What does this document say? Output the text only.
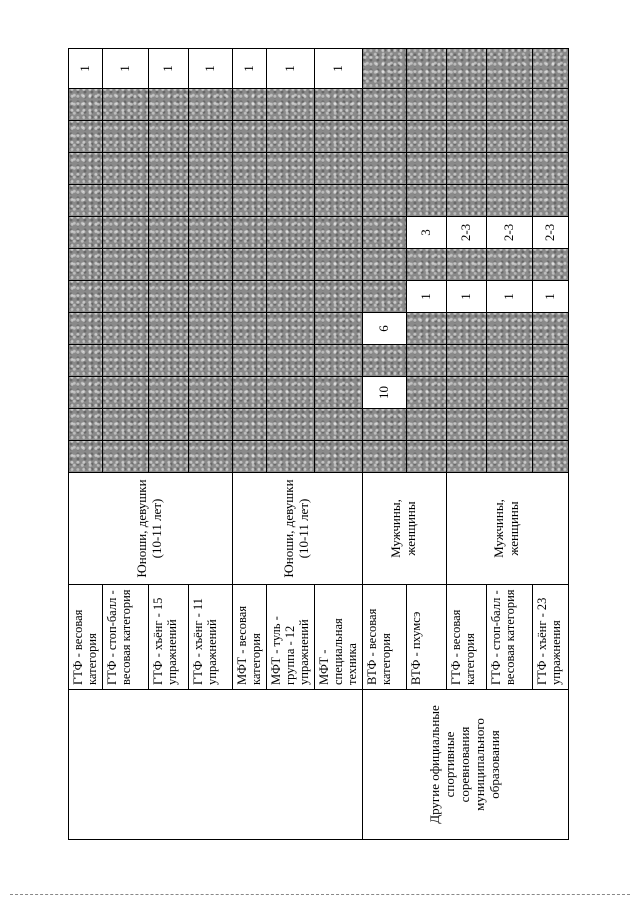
	ГТФ - весовая категория	Юноши, девушки (10-11 лет)													1
	ГТФ - стоп-балл - весовая категория														1
	ГТФ - хъёнг - 15 упражнений														1
	ГТФ - хъёнг - 11 упражнений														1
	МФТ - весовая категория	Юноши, девушки (10-11 лет)													1
	МФТ - туль - группа - 12 упражнений														1
	МФТ - специальная техника														1
Другие официальные спортивные соревнования муниципального образования	ВТФ - весовая категория	Мужчины, женщины			10		6								
	ВТФ - пхумсэ							1		3					
	ГТФ - весовая категория	Мужчины, женщины						1		2-3					
	ГТФ - стоп-балл - весовая категория							1		2-3					
	ГТФ - хъёнг - 23 упражнения							1		2-3					
